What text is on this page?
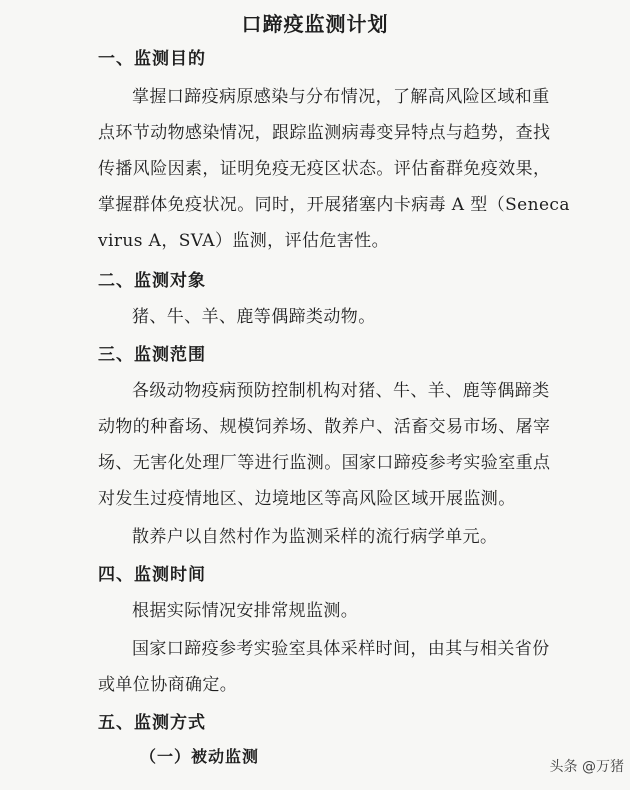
口蹄疫监测计划
一、监测目的
掌握口蹄疫病原感染与分布情况，了解高风险区域和重
点环节动物感染情况，跟踪监测病毒变异特点与趋势，查找
传播风险因素，证明免疫无疫区状态。评估畜群免疫效果，
掌握群体免疫状况。同时，开展猪塞内卡病毒 A 型（Seneca
virus A，SVA）监测，评估危害性。
二、监测对象
猪、牛、羊、鹿等偶蹄类动物。
三、监测范围
各级动物疫病预防控制机构对猪、牛、羊、鹿等偶蹄类
动物的种畜场、规模饲养场、散养户、活畜交易市场、屠宰
场、无害化处理厂等进行监测。国家口蹄疫参考实验室重点
对发生过疫情地区、边境地区等高风险区域开展监测。
散养户以自然村作为监测采样的流行病学单元。
四、监测时间
根据实际情况安排常规监测。
国家口蹄疫参考实验室具体采样时间，由其与相关省份
或单位协商确定。
五、监测方式
（一）被动监测
头条 @万猪
